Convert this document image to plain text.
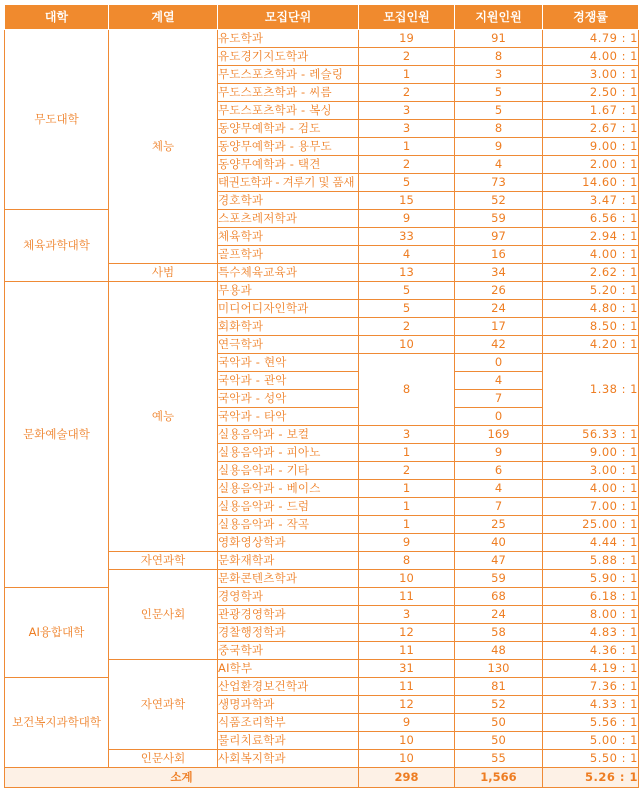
대학	계열	모집단위	모집인원	지원인원	경쟁률
무도대학	체능	유도학과	19	91	4.79 : 1
		유도경기지도학과	2	8	4.00 : 1
		무도스포츠학과 - 레슬링	1	3	3.00 : 1
		무도스포츠학과 - 씨름	2	5	2.50 : 1
		무도스포츠학과 - 복싱	3	5	1.67 : 1
		동양무예학과 - 검도	3	8	2.67 : 1
		동양무예학과 - 용무도	1	9	9.00 : 1
		동양무예학과 - 택견	2	4	2.00 : 1
		태권도학과 - 겨루기 및 품새	5	73	14.60 : 1
		경호학과	15	52	3.47 : 1
체육과학대학		스포츠레저학과	9	59	6.56 : 1
		체육학과	33	97	2.94 : 1
		골프학과	4	16	4.00 : 1
	사범	특수체육교육과	13	34	2.62 : 1
문화예술대학	예능	무용과	5	26	5.20 : 1
		미디어디자인학과	5	24	4.80 : 1
		회화학과	2	17	8.50 : 1
		연극학과	10	42	4.20 : 1
		국악과 - 현악	8	0	1.38 : 1
		국악과 - 관악		4	
		국악과 - 성악		7	
		국악과 - 타악		0	
		실용음악과 - 보컬	3	169	56.33 : 1
		실용음악과 - 피아노	1	9	9.00 : 1
		실용음악과 - 기타	2	6	3.00 : 1
		실용음악과 - 베이스	1	4	4.00 : 1
		실용음악과 - 드럼	1	7	7.00 : 1
		실용음악과 - 작곡	1	25	25.00 : 1
		영화영상학과	9	40	4.44 : 1
	자연과학	문화재학과	8	47	5.88 : 1
	인문사회	문화콘텐츠학과	10	59	5.90 : 1
AI융합대학		경영학과	11	68	6.18 : 1
		관광경영학과	3	24	8.00 : 1
		경찰행정학과	12	58	4.83 : 1
		중국학과	11	48	4.36 : 1
	자연과학	AI학부	31	130	4.19 : 1
보건복지과학대학		산업환경보건학과	11	81	7.36 : 1
		생명과학과	12	52	4.33 : 1
		식품조리학부	9	50	5.56 : 1
		물리치료학과	10	50	5.00 : 1
	인문사회	사회복지학과	10	55	5.50 : 1
소계			298	1,566	5.26 : 1
